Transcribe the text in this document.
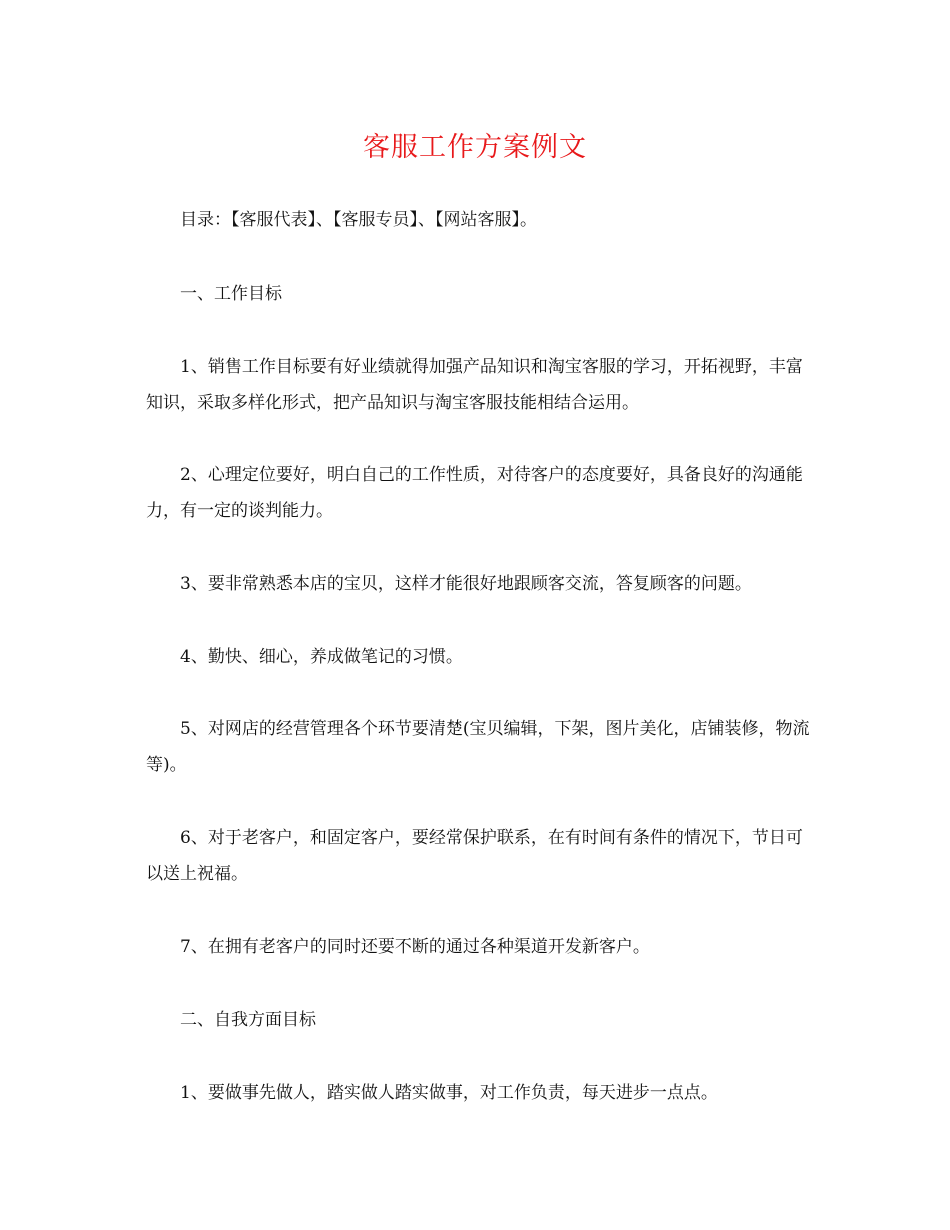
客服工作方案例文

目录：【客服代表】、【客服专员】、【网站客服】。

一、工作目标

1、销售工作目标要有好业绩就得加强产品知识和淘宝客服的学习，开拓视野，丰富知识，采取多样化形式，把产品知识与淘宝客服技能相结合运用。

2、心理定位要好，明白自己的工作性质，对待客户的态度要好，具备良好的沟通能力，有一定的谈判能力。

3、要非常熟悉本店的宝贝，这样才能很好地跟顾客交流，答复顾客的问题。

4、勤快、细心，养成做笔记的习惯。

5、对网店的经营管理各个环节要清楚(宝贝编辑，下架，图片美化，店铺装修，物流等)。

6、对于老客户，和固定客户，要经常保护联系，在有时间有条件的情况下，节日可以送上祝福。

7、在拥有老客户的同时还要不断的通过各种渠道开发新客户。

二、自我方面目标

1、要做事先做人，踏实做人踏实做事，对工作负责，每天进步一点点。
